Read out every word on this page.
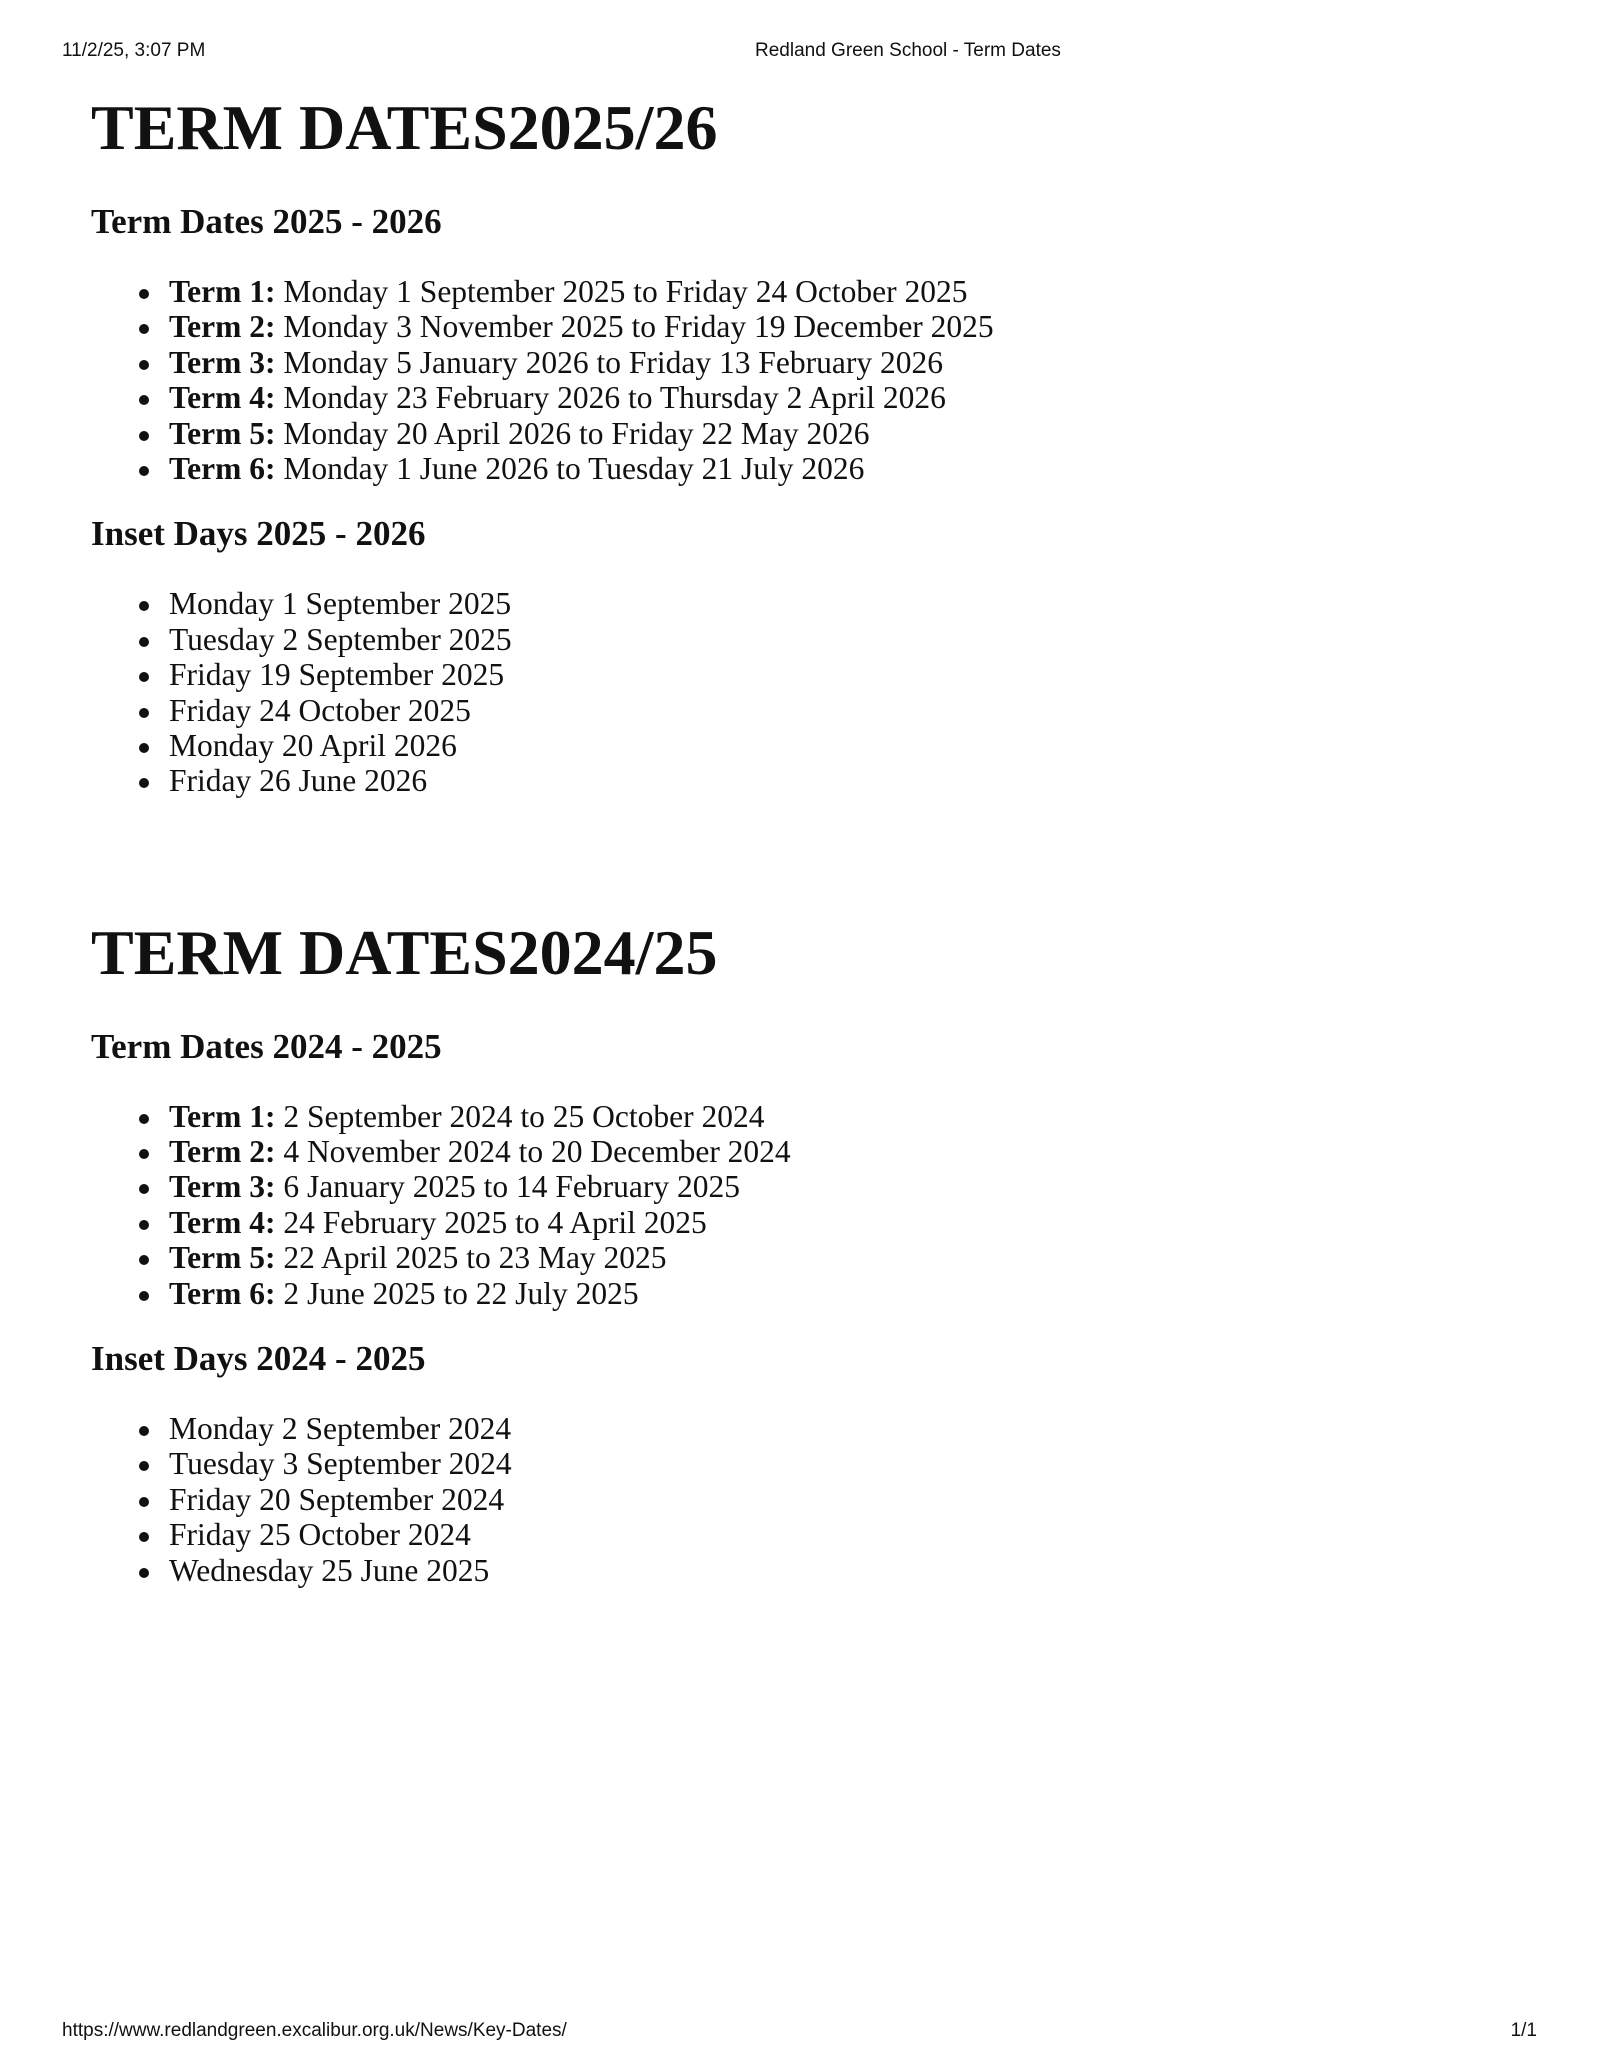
11/2/25, 3:07 PM	Redland Green School - Term Dates
TERM DATES2025/26
Term Dates 2025 - 2026
Term 1: Monday 1 September 2025 to Friday 24 October 2025
Term 2: Monday 3 November 2025 to Friday 19 December 2025
Term 3: Monday 5 January 2026 to Friday 13 February 2026
Term 4: Monday 23 February 2026 to Thursday 2 April 2026
Term 5: Monday 20 April 2026 to Friday 22 May 2026
Term 6: Monday 1 June 2026 to Tuesday 21 July 2026
Inset Days 2025 - 2026
Monday 1 September 2025
Tuesday 2 September 2025
Friday 19 September 2025
Friday 24 October 2025
Monday 20 April 2026
Friday 26 June 2026
TERM DATES2024/25
Term Dates 2024 - 2025
Term 1: 2 September 2024 to 25 October 2024
Term 2: 4 November 2024 to 20 December 2024
Term 3: 6 January 2025 to 14 February 2025
Term 4: 24 February 2025 to 4 April 2025
Term 5: 22 April 2025 to 23 May 2025
Term 6: 2 June 2025 to 22 July 2025
Inset Days 2024 - 2025
Monday 2 September 2024
Tuesday 3 September 2024
Friday 20 September 2024
Friday 25 October 2024
Wednesday 25 June 2025
https://www.redlandgreen.excalibur.org.uk/News/Key-Dates/	1/1
